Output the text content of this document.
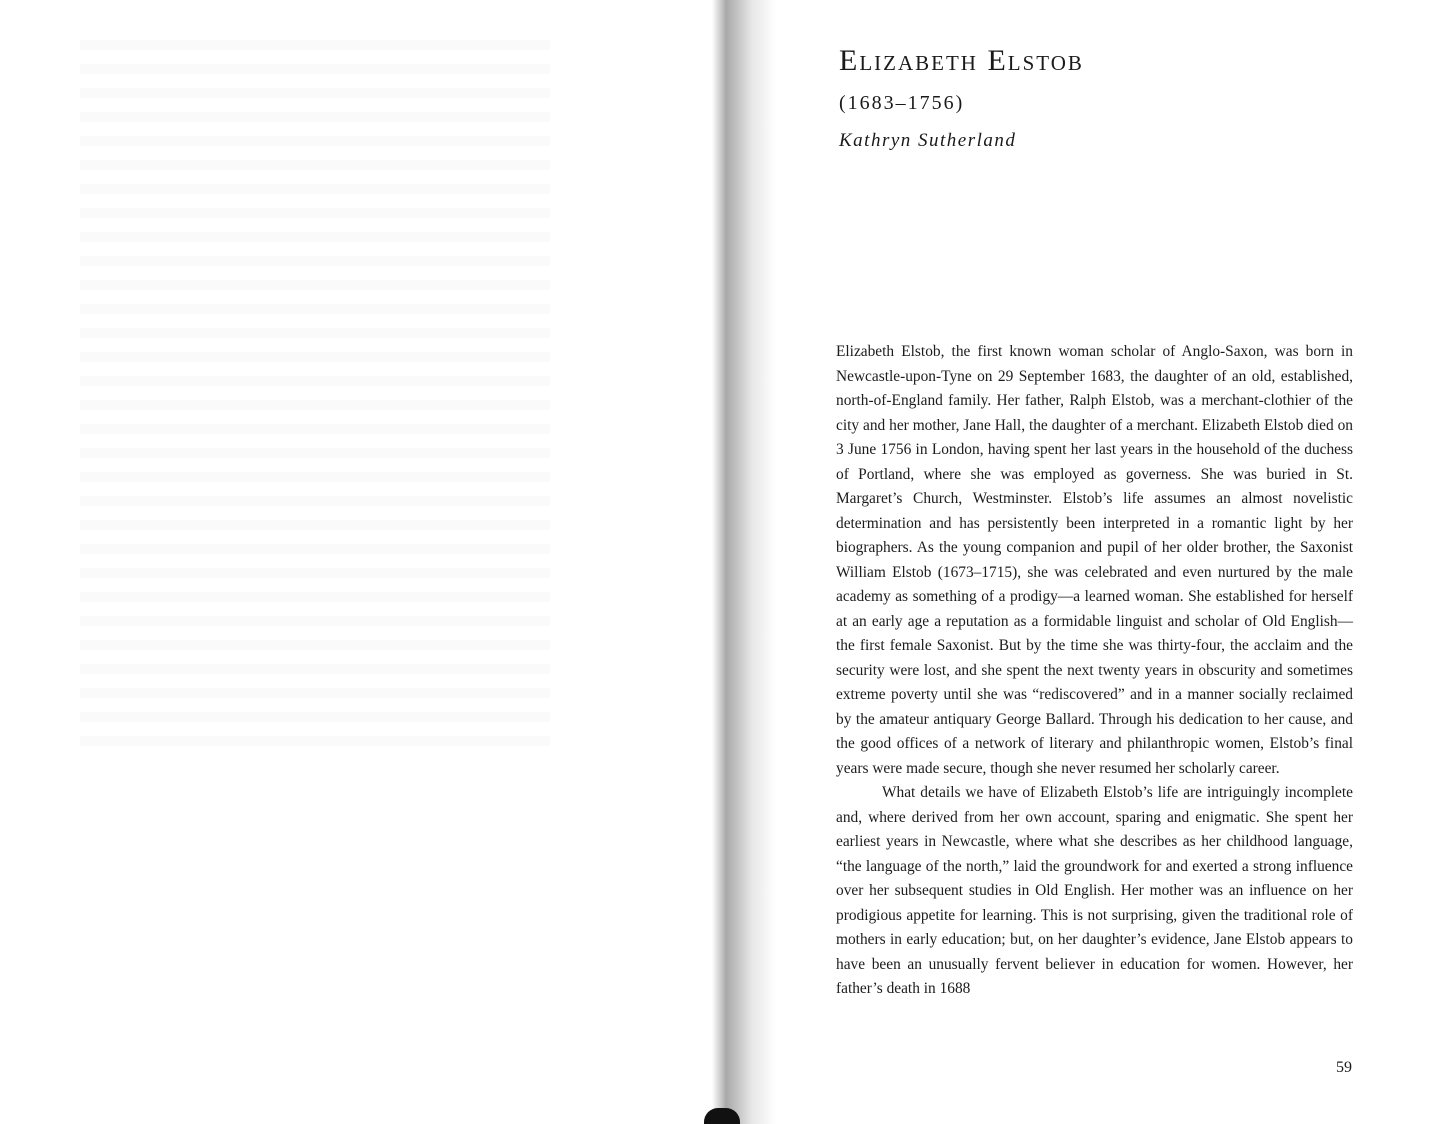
Elizabeth Elstob
(1683–1756)
Kathryn Sutherland

Elizabeth Elstob, the first known woman scholar of Anglo-Saxon, was born in Newcastle-upon-Tyne on 29 September 1683, the daughter of an old, established, north-of-England family. Her father, Ralph Elstob, was a merchant-clothier of the city and her mother, Jane Hall, the daughter of a merchant. Elizabeth Elstob died on 3 June 1756 in London, having spent her last years in the household of the duchess of Portland, where she was employed as governess. She was buried in St. Margaret’s Church, Westminster. Elstob’s life assumes an almost novelistic determination and has persistently been interpreted in a romantic light by her biographers. As the young companion and pupil of her older brother, the Saxonist William Elstob (1673–1715), she was celebrated and even nurtured by the male academy as something of a prodigy—a learned woman. She established for herself at an early age a reputation as a formidable linguist and scholar of Old English—the first female Saxonist. But by the time she was thirty-four, the acclaim and the security were lost, and she spent the next twenty years in obscurity and sometimes extreme poverty until she was “rediscovered” and in a manner socially reclaimed by the amateur antiquary George Ballard. Through his dedication to her cause, and the good offices of a network of literary and philanthropic women, Elstob’s final years were made secure, though she never resumed her scholarly career.

What details we have of Elizabeth Elstob’s life are intriguingly incomplete and, where derived from her own account, sparing and enigmatic. She spent her earliest years in Newcastle, where what she describes as her childhood language, “the language of the north,” laid the groundwork for and exerted a strong influence over her subsequent studies in Old English. Her mother was an influence on her prodigious appetite for learning. This is not surprising, given the traditional role of mothers in early education; but, on her daughter’s evidence, Jane Elstob appears to have been an unusually fervent believer in education for women. However, her father’s death in 1688

59
